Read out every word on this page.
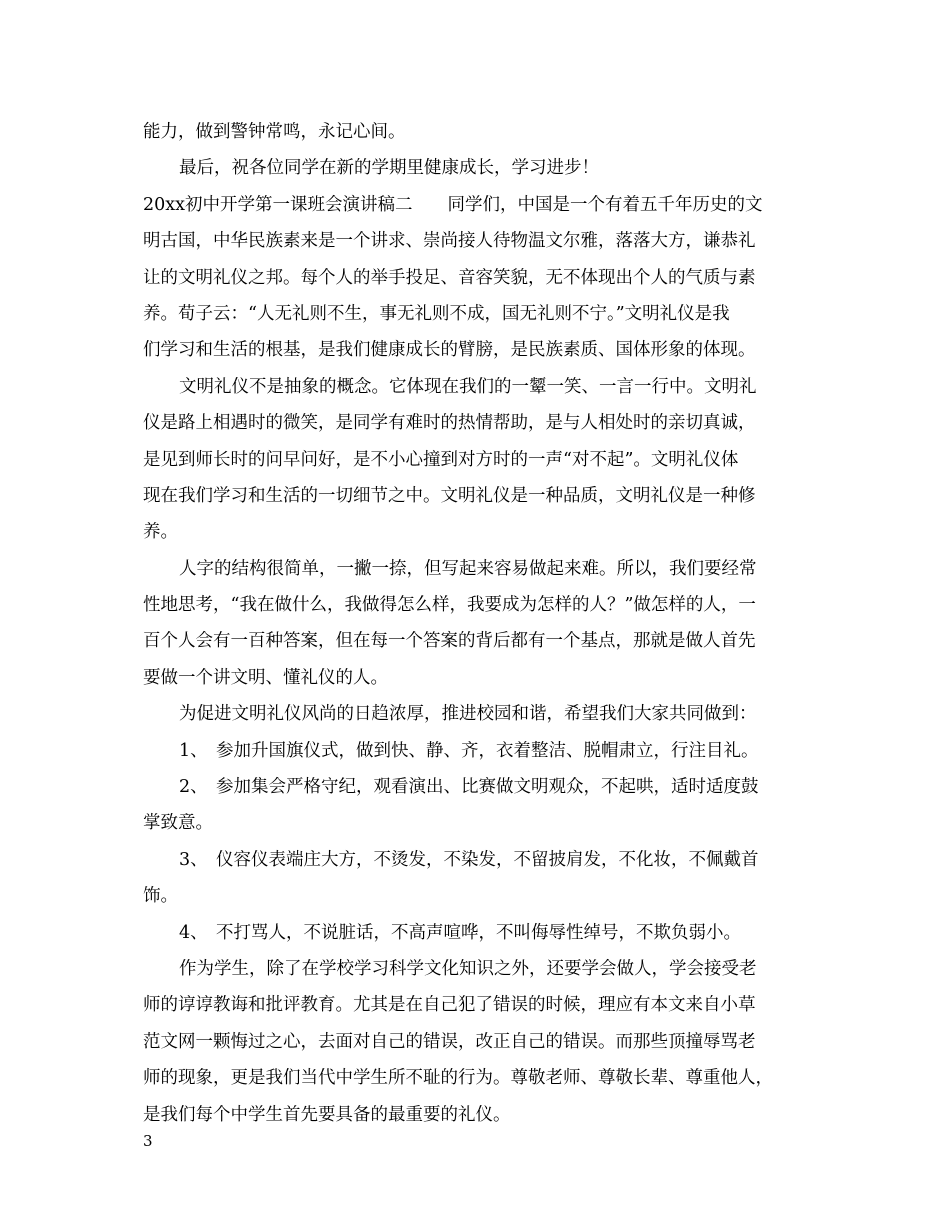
能力，做到警钟常鸣，永记心间。
最后，祝各位同学在新的学期里健康成长，学习进步！
20xx初中开学第一课班会演讲稿二　　同学们，中国是一个有着五千年历史的文
明古国，中华民族素来是一个讲求、崇尚接人待物温文尔雅，落落大方，谦恭礼
让的文明礼仪之邦。每个人的举手投足、音容笑貌，无不体现出个人的气质与素
养。荀子云：“人无礼则不生，事无礼则不成，国无礼则不宁。”文明礼仪是我
们学习和生活的根基，是我们健康成长的臂膀，是民族素质、国体形象的体现。
文明礼仪不是抽象的概念。它体现在我们的一颦一笑、一言一行中。文明礼
仪是路上相遇时的微笑，是同学有难时的热情帮助，是与人相处时的亲切真诚，
是见到师长时的问早问好，是不小心撞到对方时的一声“对不起”。文明礼仪体
现在我们学习和生活的一切细节之中。文明礼仪是一种品质，文明礼仪是一种修
养。
人字的结构很简单，一撇一捺，但写起来容易做起来难。所以，我们要经常
性地思考，“我在做什么，我做得怎么样，我要成为怎样的人？”做怎样的人，一
百个人会有一百种答案，但在每一个答案的背后都有一个基点，那就是做人首先
要做一个讲文明、懂礼仪的人。
为促进文明礼仪风尚的日趋浓厚，推进校园和谐，希望我们大家共同做到：
1、 参加升国旗仪式，做到快、静、齐，衣着整洁、脱帽肃立，行注目礼。
2、 参加集会严格守纪，观看演出、比赛做文明观众，不起哄，适时适度鼓
掌致意。
3、 仪容仪表端庄大方，不烫发，不染发，不留披肩发，不化妆，不佩戴首
饰。
4、 不打骂人，不说脏话，不高声喧哗，不叫侮辱性绰号，不欺负弱小。
作为学生，除了在学校学习科学文化知识之外，还要学会做人，学会接受老
师的谆谆教诲和批评教育。尤其是在自己犯了错误的时候，理应有本文来自小草
范文网一颗悔过之心，去面对自己的错误，改正自己的错误。而那些顶撞辱骂老
师的现象，更是我们当代中学生所不耻的行为。尊敬老师、尊敬长辈、尊重他人，
是我们每个中学生首先要具备的最重要的礼仪。
3
